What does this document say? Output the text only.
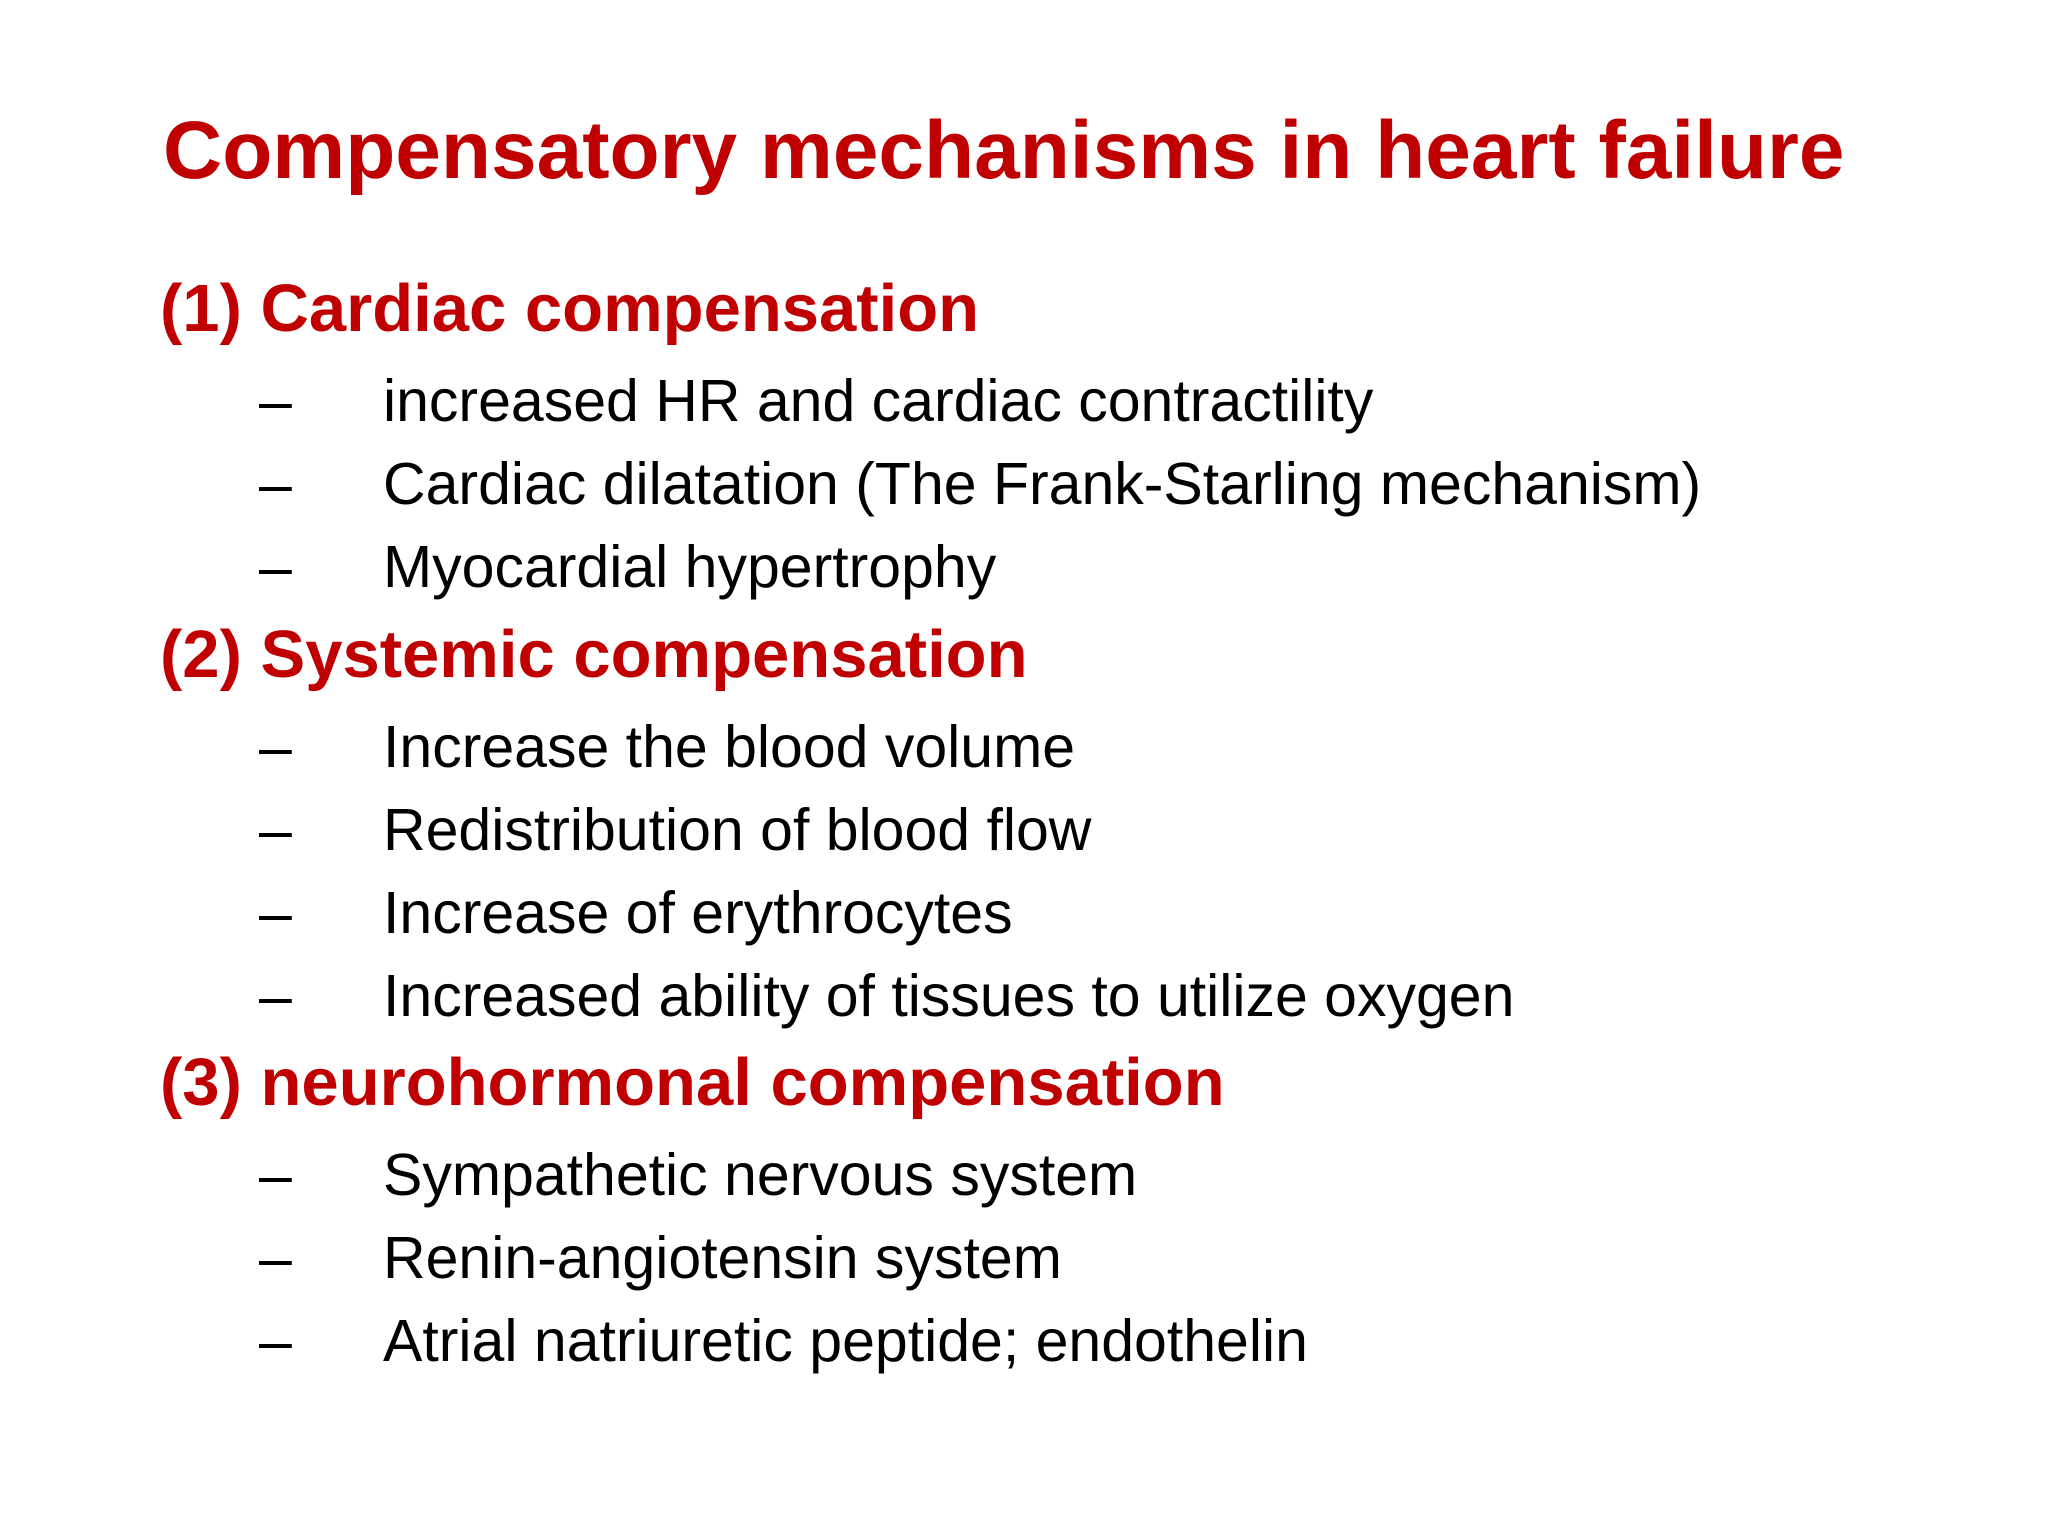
Compensatory mechanisms in heart failure
(1) Cardiac compensation
– increased HR and cardiac contractility
– Cardiac dilatation (The Frank-Starling mechanism)
– Myocardial hypertrophy
(2) Systemic compensation
– Increase the blood volume
– Redistribution of blood flow
– Increase of erythrocytes
– Increased ability of tissues to utilize oxygen
(3) neurohormonal compensation
– Sympathetic nervous system
– Renin-angiotensin system
– Atrial natriuretic peptide; endothelin
